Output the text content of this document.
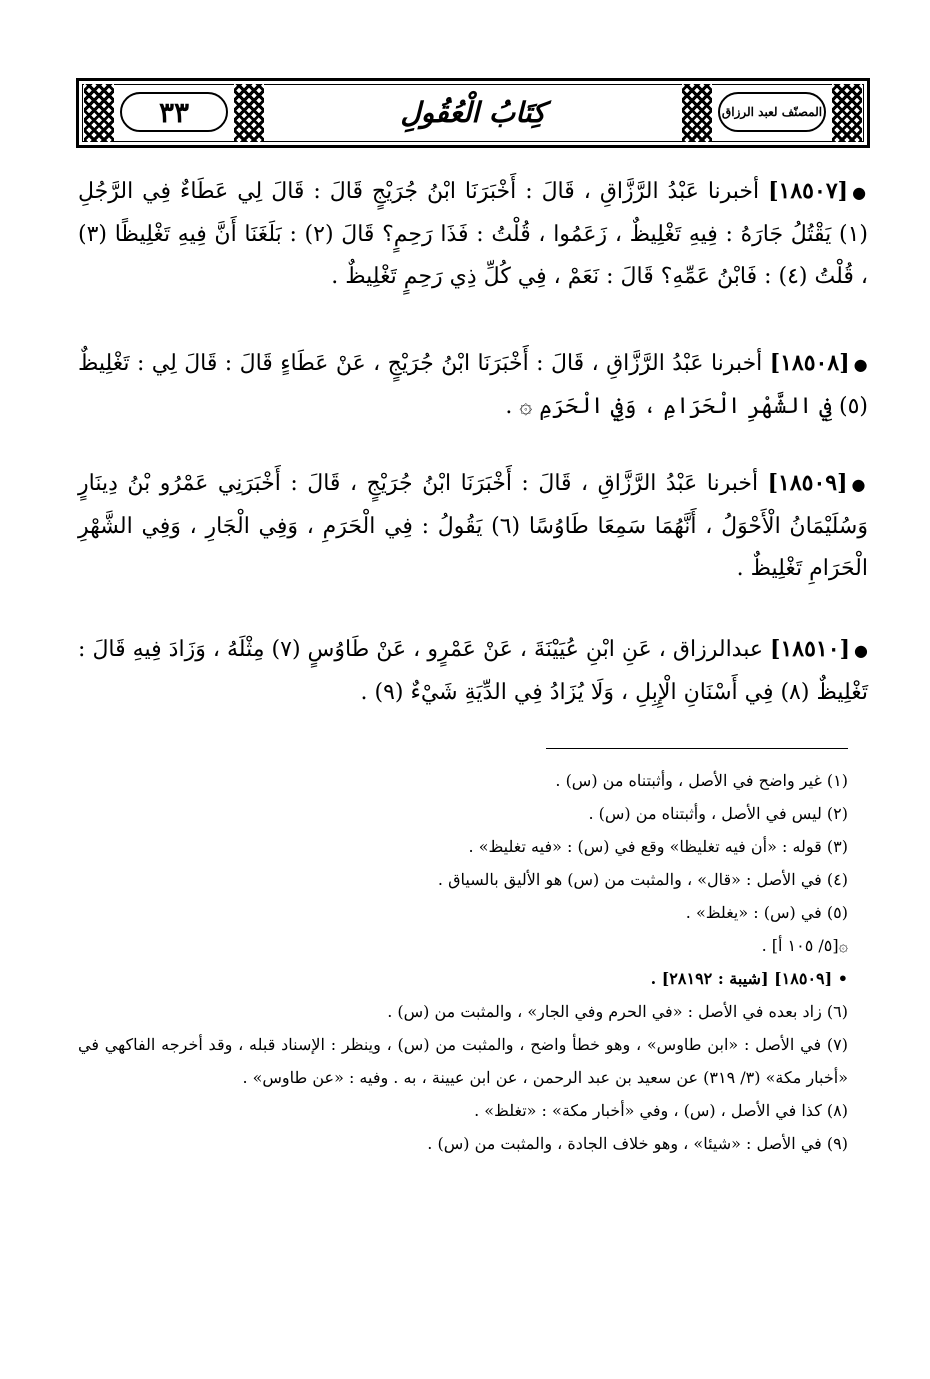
٣٣	كِتَابُ الْعُقُولِ	المصنّف لعبد الرزاق
●[١٨٥٠٧] أخبرنا عَبْدُ الرَّزَّاقِ ، قَالَ : أَخْبَرَنَا ابْنُ جُرَيْجٍ قَالَ : قَالَ لِي عَطَاءٌ فِي الرَّجُلِ (١) يَقْتُلُ جَارَهُ : فِيهِ تَغْلِيظٌ ، زَعَمُوا ، قُلْتُ : فَذَا رَحِمٍ؟ قَالَ (٢) : بَلَغَنَا أَنَّ فِيهِ تَغْلِيظًا (٣) ، قُلْتُ (٤) : فَابْنُ عَمِّهِ؟ قَالَ : نَعَمْ ، فِي كُلِّ ذِي رَحِمٍ تَغْلِيظٌ .
●[١٨٥٠٨] أخبرنا عَبْدُ الرَّزَّاقِ ، قَالَ : أَخْبَرَنَا ابْنُ جُرَيْجٍ ، عَنْ عَطَاءٍ قَالَ : قَالَ لِي : تَغْلِيظٌ (٥) فِي الشَّهْرِ الْحَرَامِ ، وَفِي الْحَرَمِ ۞ .
●[١٨٥٠٩] أخبرنا عَبْدُ الرَّزَّاقِ ، قَالَ : أَخْبَرَنَا ابْنُ جُرَيْجٍ ، قَالَ : أَخْبَرَنِي عَمْرُو بْنُ دِينَارٍ وَسُلَيْمَانُ الْأَحْوَلُ ، أَنَّهُمَا سَمِعَا طَاوُسًا (٦) يَقُولُ : فِي الْحَرَمِ ، وَفِي الْجَارِ ، وَفِي الشَّهْرِ الْحَرَامِ تَغْلِيظٌ .
●[١٨٥١٠] عبدالرزاق ، عَنِ ابْنِ عُيَيْنَةَ ، عَنْ عَمْرٍو ، عَنْ طَاوُسٍ (٧) مِثْلَهُ ، وَزَادَ فِيهِ قَالَ : تَغْلِيظٌ (٨) فِي أَسْنَانِ الْإِبِلِ ، وَلَا يُزَادُ فِي الدِّيَةِ شَيْءٌ (٩) .

(١) غير واضح في الأصل ، وأثبتناه من (س) .

(٢) ليس في الأصل ، وأثبتناه من (س) .

(٣) قوله : «أن فيه تغليظا» وقع في (س) : «فيه تغليظ» .

(٤) في الأصل : «قال» ، والمثبت من (س) هو الأليق بالسياق .

(٥) في (س) : «يغلظ» .

۞[٥/ ١٠٥ أ] .

• [١٨٥٠٩] [شيبة : ٢٨١٩٢] .

(٦) زاد بعده في الأصل : «في الحرم وفي الجار» ، والمثبت من (س) .

(٧) في الأصل : «ابن طاوس» ، وهو خطأ واضح ، والمثبت من (س) ، وينظر : الإسناد قبله ، وقد أخرجه الفاكهي في «أخبار مكة» (٣/ ٣١٩) عن سعيد بن عبد الرحمن ، عن ابن عيينة ، به . وفيه : «عن طاوس» .

(٨) كذا في الأصل ، (س) ، وفي «أخبار مكة» : «تغلظ» .

(٩) في الأصل : «شيئا» ، وهو خلاف الجادة ، والمثبت من (س) .
